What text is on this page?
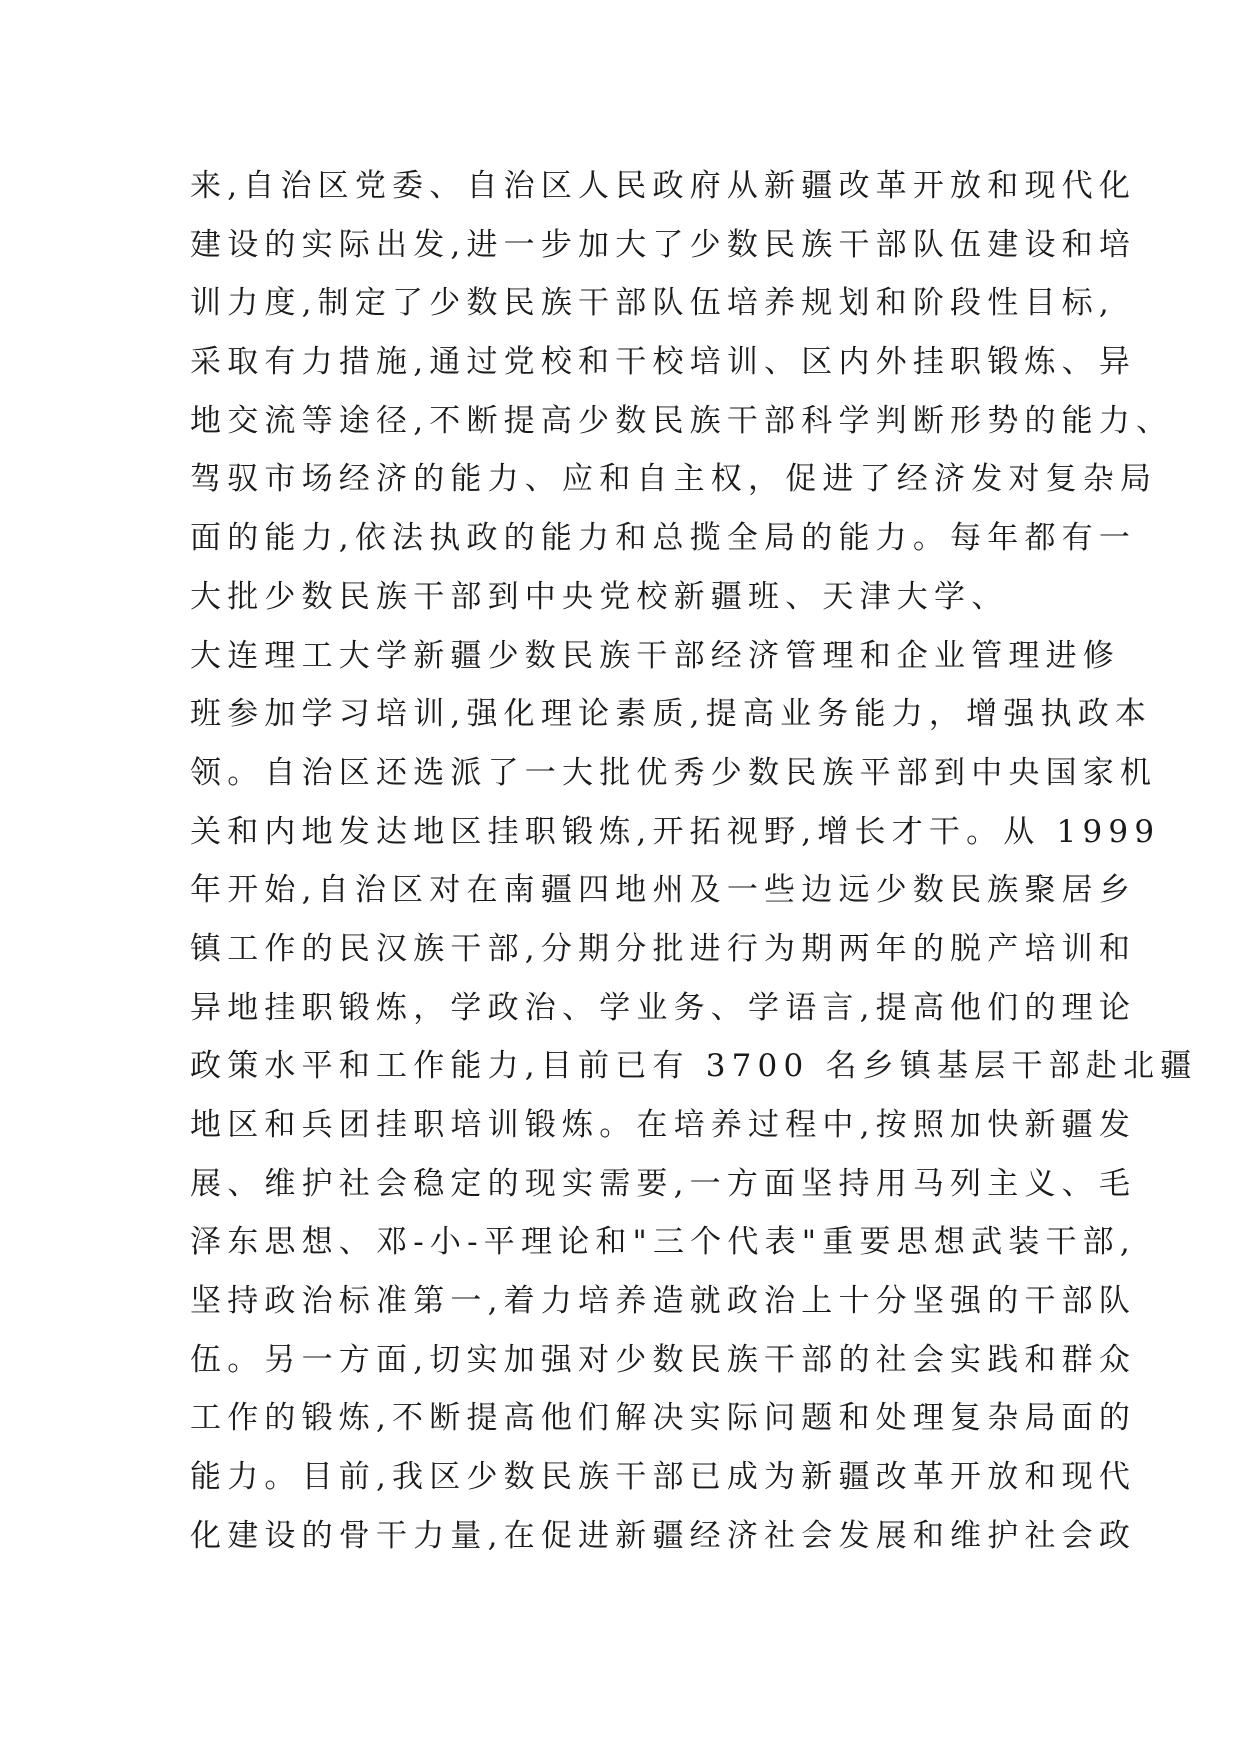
来,自治区党委、自治区人民政府从新疆改革开放和现代化
建设的实际出发,进一步加大了少数民族干部队伍建设和培
训力度,制定了少数民族干部队伍培养规划和阶段性目标,
采取有力措施,通过党校和干校培训、区内外挂职锻炼、异
地交流等途径,不断提高少数民族干部科学判断形势的能力、
驾驭市场经济的能力、应和自主权，促进了经济发对复杂局
面的能力,依法执政的能力和总揽全局的能力。每年都有一
大批少数民族干部到中央党校新疆班、天津大学、
大连理工大学新疆少数民族干部经济管理和企业管理进修
班参加学习培训,强化理论素质,提高业务能力，增强执政本
领。自治区还选派了一大批优秀少数民族平部到中央国家机
关和内地发达地区挂职锻炼,开拓视野,增长才干。从 1999
年开始,自治区对在南疆四地州及一些边远少数民族聚居乡
镇工作的民汉族干部,分期分批进行为期两年的脱产培训和
异地挂职锻炼，学政治、学业务、学语言,提高他们的理论
政策水平和工作能力,目前已有 3700 名乡镇基层干部赴北疆
地区和兵团挂职培训锻炼。在培养过程中,按照加快新疆发
展、维护社会稳定的现实需要,一方面坚持用马列主义、毛
泽东思想、邓-小-平理论和"三个代表"重要思想武装干部,
坚持政治标准第一,着力培养造就政治上十分坚强的干部队
伍。另一方面,切实加强对少数民族干部的社会实践和群众
工作的锻炼,不断提高他们解决实际问题和处理复杂局面的
能力。目前,我区少数民族干部已成为新疆改革开放和现代
化建设的骨干力量,在促进新疆经济社会发展和维护社会政
